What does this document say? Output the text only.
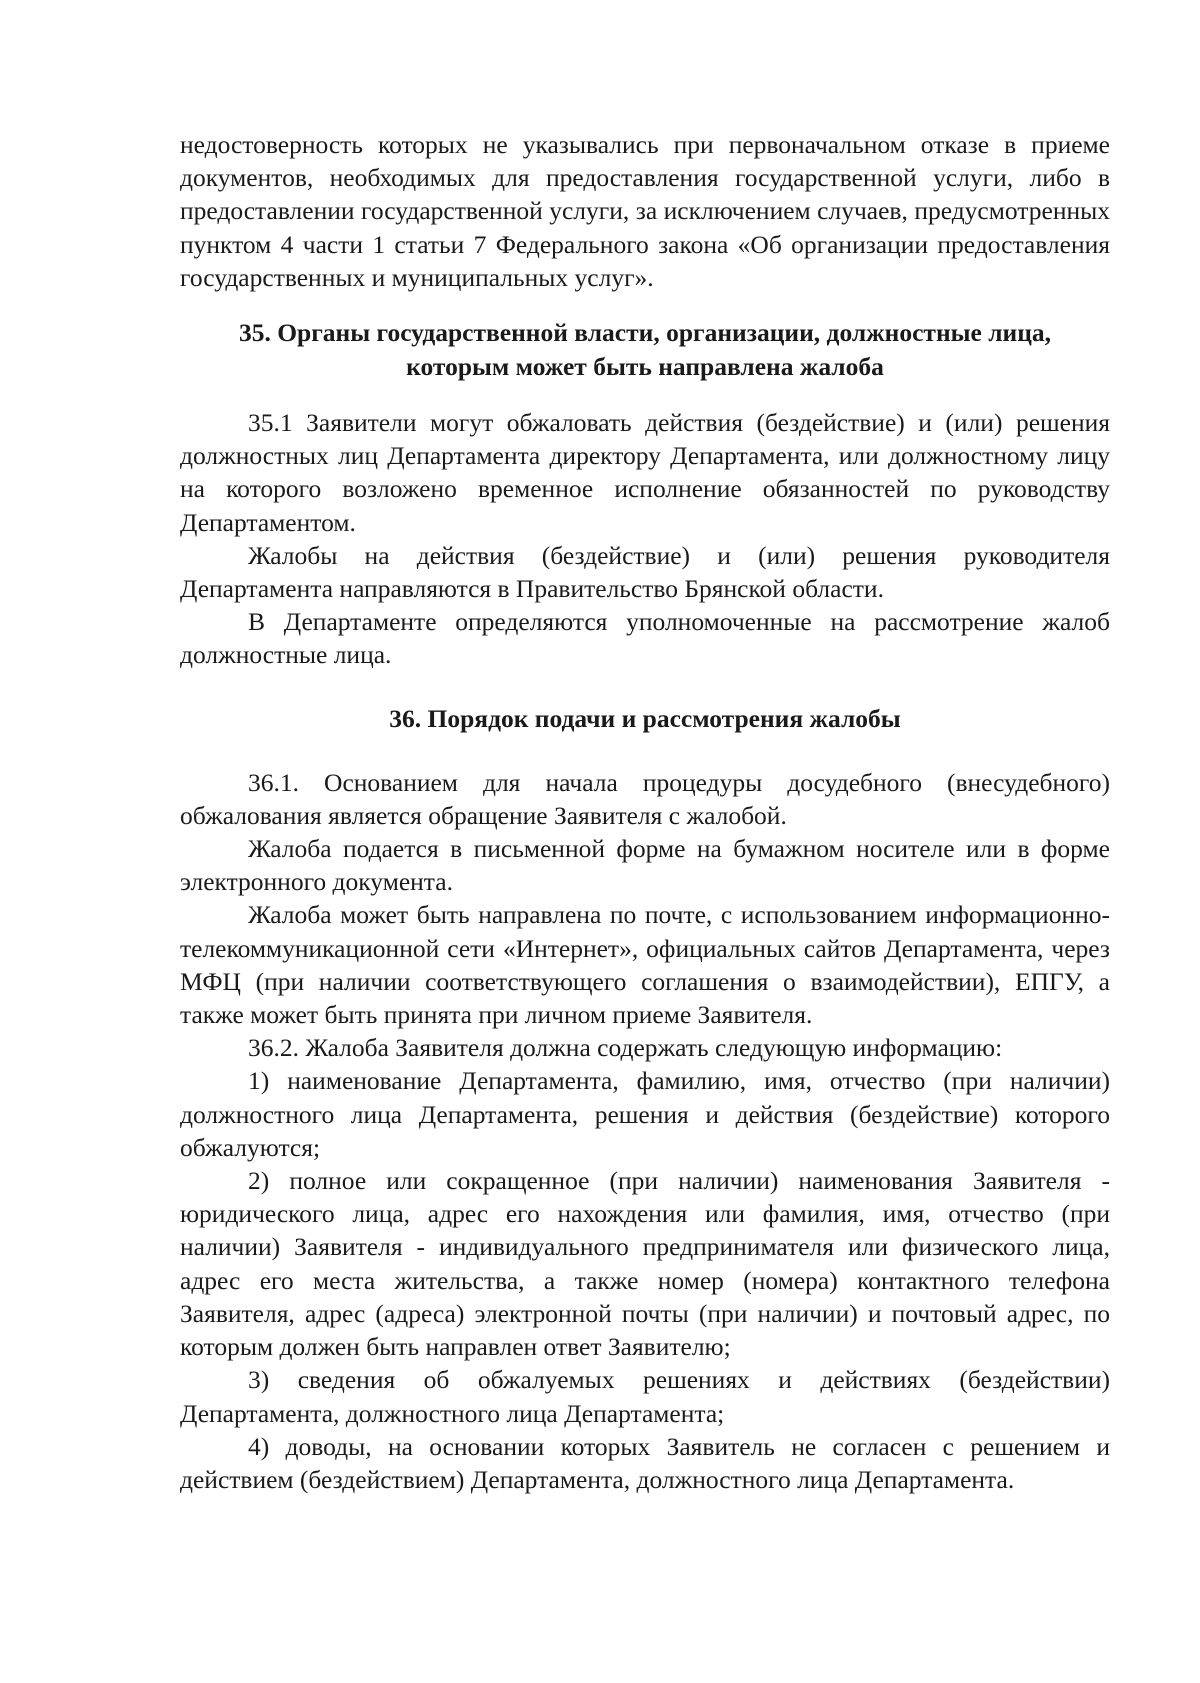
недостоверность которых не указывались при первоначальном отказе в приеме документов, необходимых для предоставления государственной услуги, либо в предоставлении государственной услуги, за исключением случаев, предусмотренных пунктом 4 части 1 статьи 7 Федерального закона «Об организации предоставления государственных и муниципальных услуг».

35. Органы государственной власти, организации, должностные лица,
которым может быть направлена жалоба

35.1 Заявители могут обжаловать действия (бездействие) и (или) решения должностных лиц Департамента директору Департамента, или должностному лицу на которого возложено временное исполнение обязанностей по руководству Департаментом.

Жалобы на действия (бездействие) и (или) решения руководителя Департамента направляются в Правительство Брянской области.

В Департаменте определяются уполномоченные на рассмотрение жалоб должностные лица.

36. Порядок подачи и рассмотрения жалобы

36.1. Основанием для начала процедуры досудебного (внесудебного) обжалования является обращение Заявителя с жалобой.

Жалоба подается в письменной форме на бумажном носителе или в форме электронного документа.

Жалоба может быть направлена по почте, с использованием информационно-телекоммуникационной сети «Интернет», официальных сайтов Департамента, через МФЦ (при наличии соответствующего соглашения о взаимодействии), ЕПГУ, а также может быть принята при личном приеме Заявителя.

36.2. Жалоба Заявителя должна содержать следующую информацию:

1) наименование Департамента, фамилию, имя, отчество (при наличии) должностного лица Департамента, решения и действия (бездействие) которого обжалуются;

2) полное или сокращенное (при наличии) наименования Заявителя - юридического лица, адрес его нахождения или фамилия, имя, отчество (при наличии) Заявителя - индивидуального предпринимателя или физического лица, адрес его места жительства, а также номер (номера) контактного телефона Заявителя, адрес (адреса) электронной почты (при наличии) и почтовый адрес, по которым должен быть направлен ответ Заявителю;

3) сведения об обжалуемых решениях и действиях (бездействии) Департамента, должностного лица Департамента;

4) доводы, на основании которых Заявитель не согласен с решением и действием (бездействием) Департамента, должностного лица Департамента.
